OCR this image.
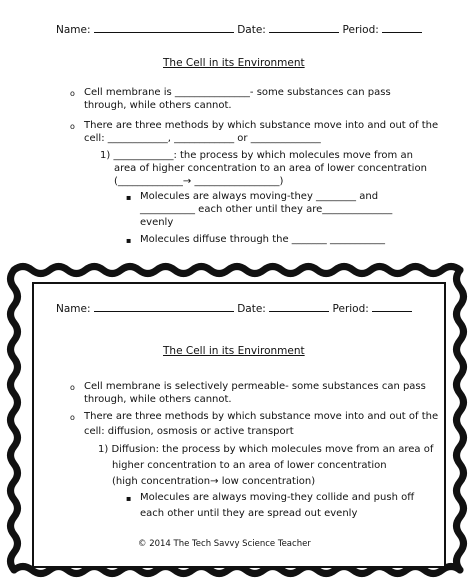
Name:	Date:	Period:
The Cell in its Environment
o Cell membrane is _______________- some substances can pass
through, while others cannot.
o There are three methods by which substance move into and out of the
cell: ____________, ____________ or ______________
1) ____________: the process by which molecules move from an
area of higher concentration to an area of lower concentration
(_____________→ _________________)
▪ Molecules are always moving-they ________ and
___________ each other until they are______________
evenly
▪ Molecules diffuse through the _______ ___________
Name:	Date:	Period:
The Cell in its Environment
o Cell membrane is selectively permeable- some substances can pass
through, while others cannot.
o There are three methods by which substance move into and out of the
cell: diffusion, osmosis or active transport
1) Diffusion: the process by which molecules move from an area of
higher concentration to an area of lower concentration
(high concentration→ low concentration)
▪ Molecules are always moving-they collide and push off
each other until they are spread out evenly
© 2014 The Tech Savvy Science Teacher
